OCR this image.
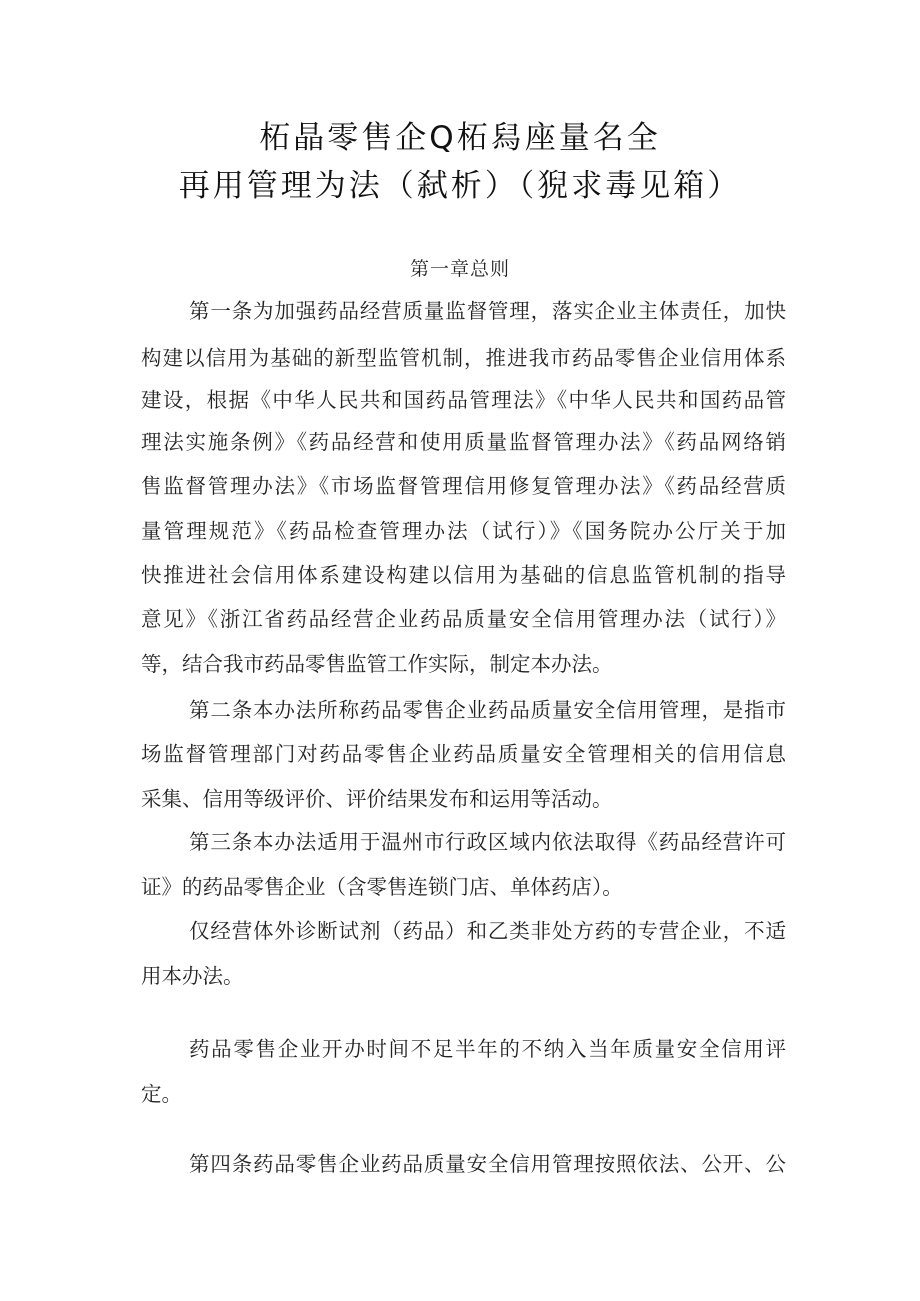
柘晶零售企Q柘舄座量名全
再用管理为法（弑析）（猊求毒见箱）
第一章总则
第一条为加强药品经营质量监督管理，落实企业主体责任，加快
构建以信用为基础的新型监管机制，推进我市药品零售企业信用体系
建设，根据《中华人民共和国药品管理法》《中华人民共和国药品管
理法实施条例》《药品经营和使用质量监督管理办法》《药品网络销
售监督管理办法》《市场监督管理信用修复管理办法》《药品经营质
量管理规范》《药品检查管理办法（试行）》《国务院办公厅关于加
快推进社会信用体系建设构建以信用为基础的信息监管机制的指导
意见》《浙江省药品经营企业药品质量安全信用管理办法（试行）》
等，结合我市药品零售监管工作实际，制定本办法。
第二条本办法所称药品零售企业药品质量安全信用管理，是指市
场监督管理部门对药品零售企业药品质量安全管理相关的信用信息
采集、信用等级评价、评价结果发布和运用等活动。
第三条本办法适用于温州市行政区域内依法取得《药品经营许可
证》的药品零售企业（含零售连锁门店、单体药店）。
仅经营体外诊断试剂（药品）和乙类非处方药的专营企业，不适
用本办法。
药品零售企业开办时间不足半年的不纳入当年质量安全信用评
定。
第四条药品零售企业药品质量安全信用管理按照依法、公开、公
